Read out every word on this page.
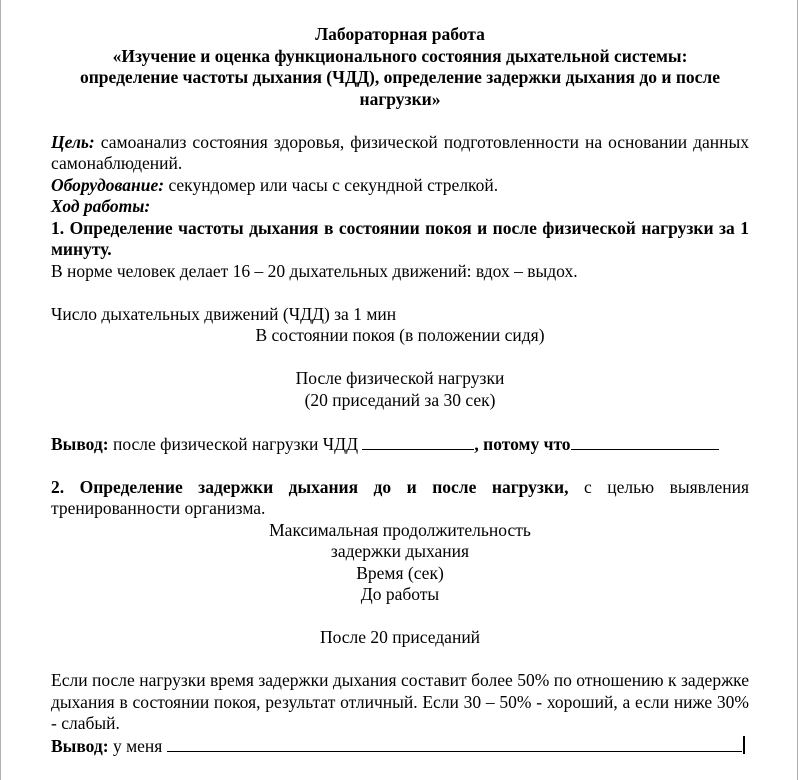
Лабораторная работа

«Изучение и оценка функционального состояния дыхательной системы:

определение частоты дыхания (ЧДД), определение задержки дыхания до и после

нагрузки»

Цель: самоанализ состояния здоровья, физической подготовленности на основании данных самонаблюдений.

Оборудование: секундомер или часы с секундной стрелкой.

Ход работы:

1. Определение частоты дыхания в состоянии покоя и после физической нагрузки за 1 минуту.

В норме человек делает 16 – 20 дыхательных движений: вдох – выдох.

Число дыхательных движений (ЧДД) за 1 мин

В состоянии покоя (в положении сидя)

После физической нагрузки

(20 приседаний за 30 сек)

Вывод: после физической нагрузки ЧДД	, потому что

2. Определение задержки дыхания до и после нагрузки, с целью выявления тренированности организма.

Максимальная продолжительность

задержки дыхания

Время (сек)

До работы

После 20 приседаний

Если после нагрузки время задержки дыхания составит более 50% по отношению к задержке дыхания в состоянии покоя, результат отличный. Если 30 – 50% - хороший, а если ниже 30% - слабый.

Вывод: у меня
